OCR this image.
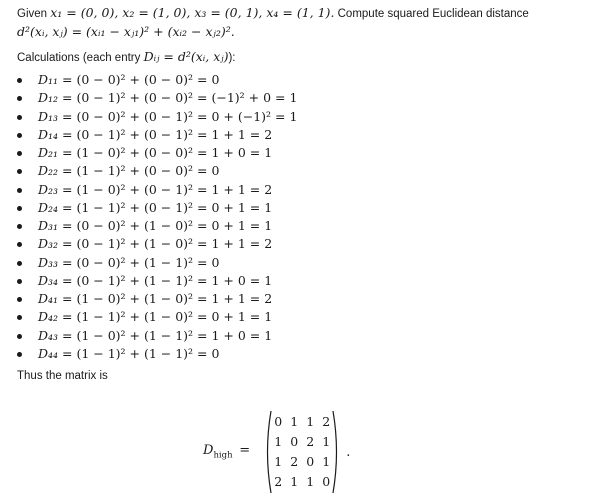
Given x₁ = (0, 0), x₂ = (1, 0), x₃ = (0, 1), x₄ = (1, 1). Compute squared Euclidean distance
d²(xᵢ, xⱼ) = (xᵢ₁ − xⱼ₁)² + (xᵢ₂ − xⱼ₂)².
Calculations (each entry Dᵢⱼ = d²(xᵢ, xⱼ)):
D₁₁ = (0 − 0)² + (0 − 0)² = 0
D₁₂ = (0 − 1)² + (0 − 0)² = (−1)² + 0 = 1
D₁₃ = (0 − 0)² + (0 − 1)² = 0 + (−1)² = 1
D₁₄ = (0 − 1)² + (0 − 1)² = 1 + 1 = 2
D₂₁ = (1 − 0)² + (0 − 0)² = 1 + 0 = 1
D₂₂ = (1 − 1)² + (0 − 0)² = 0
D₂₃ = (1 − 0)² + (0 − 1)² = 1 + 1 = 2
D₂₄ = (1 − 1)² + (0 − 1)² = 0 + 1 = 1
D₃₁ = (0 − 0)² + (1 − 0)² = 0 + 1 = 1
D₃₂ = (0 − 1)² + (1 − 0)² = 1 + 1 = 2
D₃₃ = (0 − 0)² + (1 − 1)² = 0
D₃₄ = (0 − 1)² + (1 − 1)² = 1 + 0 = 1
D₄₁ = (1 − 0)² + (1 − 0)² = 1 + 1 = 2
D₄₂ = (1 − 1)² + (1 − 0)² = 0 + 1 = 1
D₄₃ = (1 − 0)² + (1 − 1)² = 1 + 0 = 1
D₄₄ = (1 − 1)² + (1 − 1)² = 0
Thus the matrix is
$D_{high}$  =
0 1 1 2
1 0 2 1
1 2 0 1
2 1 1 0
.
